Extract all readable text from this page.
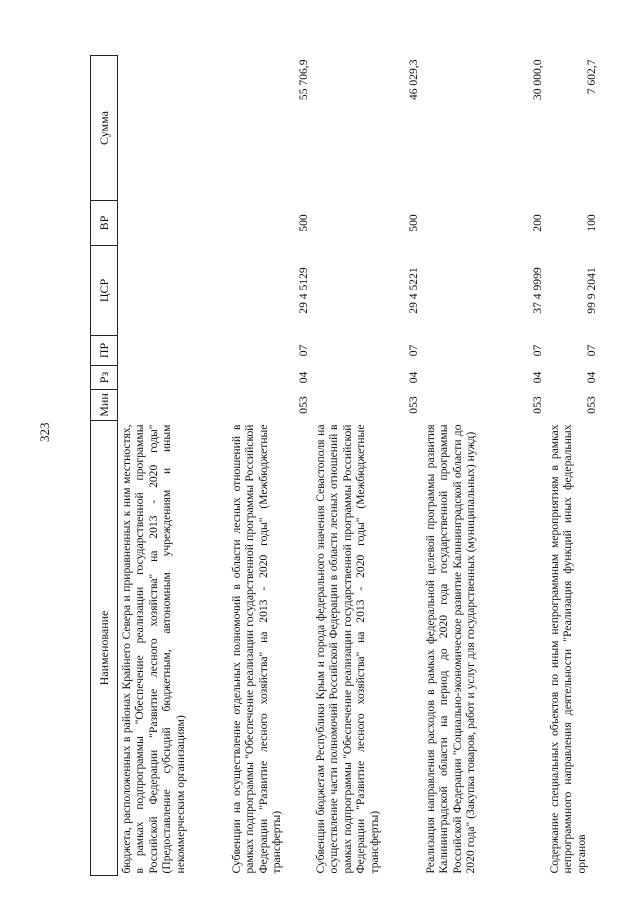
323
Наименование	Мин	Рз	ПР	ЦСР	ВР	Сумма
бюджета, расположенных в районах Крайнего Севера и приравненных к ним местностях, в рамках подпрограммы "Обеспечение реализации государственной программы Российской Федерации "Развитие лесного хозяйства" на 2013 - 2020 годы" (Предоставление субсидий бюджетным, автономным учреждениям и иным некоммерческим организациям)						
Субвенции на осуществление отдельных полномочий в области лесных отношений в рамках подпрограммы "Обеспечение реализации государственной программы Российской Федерации "Развитие лесного хозяйства" на 2013 - 2020 годы" (Межбюджетные трансферты)	053	04	07	29 4 5129	500	55 706,9
Субвенции бюджетам Республики Крым и города федерального значения Севастополя на осуществление части полномочий Российской Федерации в области лесных отношений в рамках подпрограммы "Обеспечение реализации государственной программы Российской Федерации "Развитие лесного хозяйства" на 2013 - 2020 годы" (Межбюджетные трансферты)	053	04	07	29 4 5221	500	46 029,3
Реализация направления расходов в рамках федеральной целевой программы развития Калининградской области на период до 2020 года государственной программы Российской Федерации "Социально-экономическое развитие Калининградской области до 2020 года" (Закупка товаров, работ и услуг для государственных (муниципальных) нужд)	053	04	07	37 4 9999	200	30 000,0
Содержание специальных объектов по иным непрограммным мероприятиям в рамках непрограммного направления деятельности "Реализация функций иных федеральных органов	053	04	07	99 9 2041	100	7 602,7
